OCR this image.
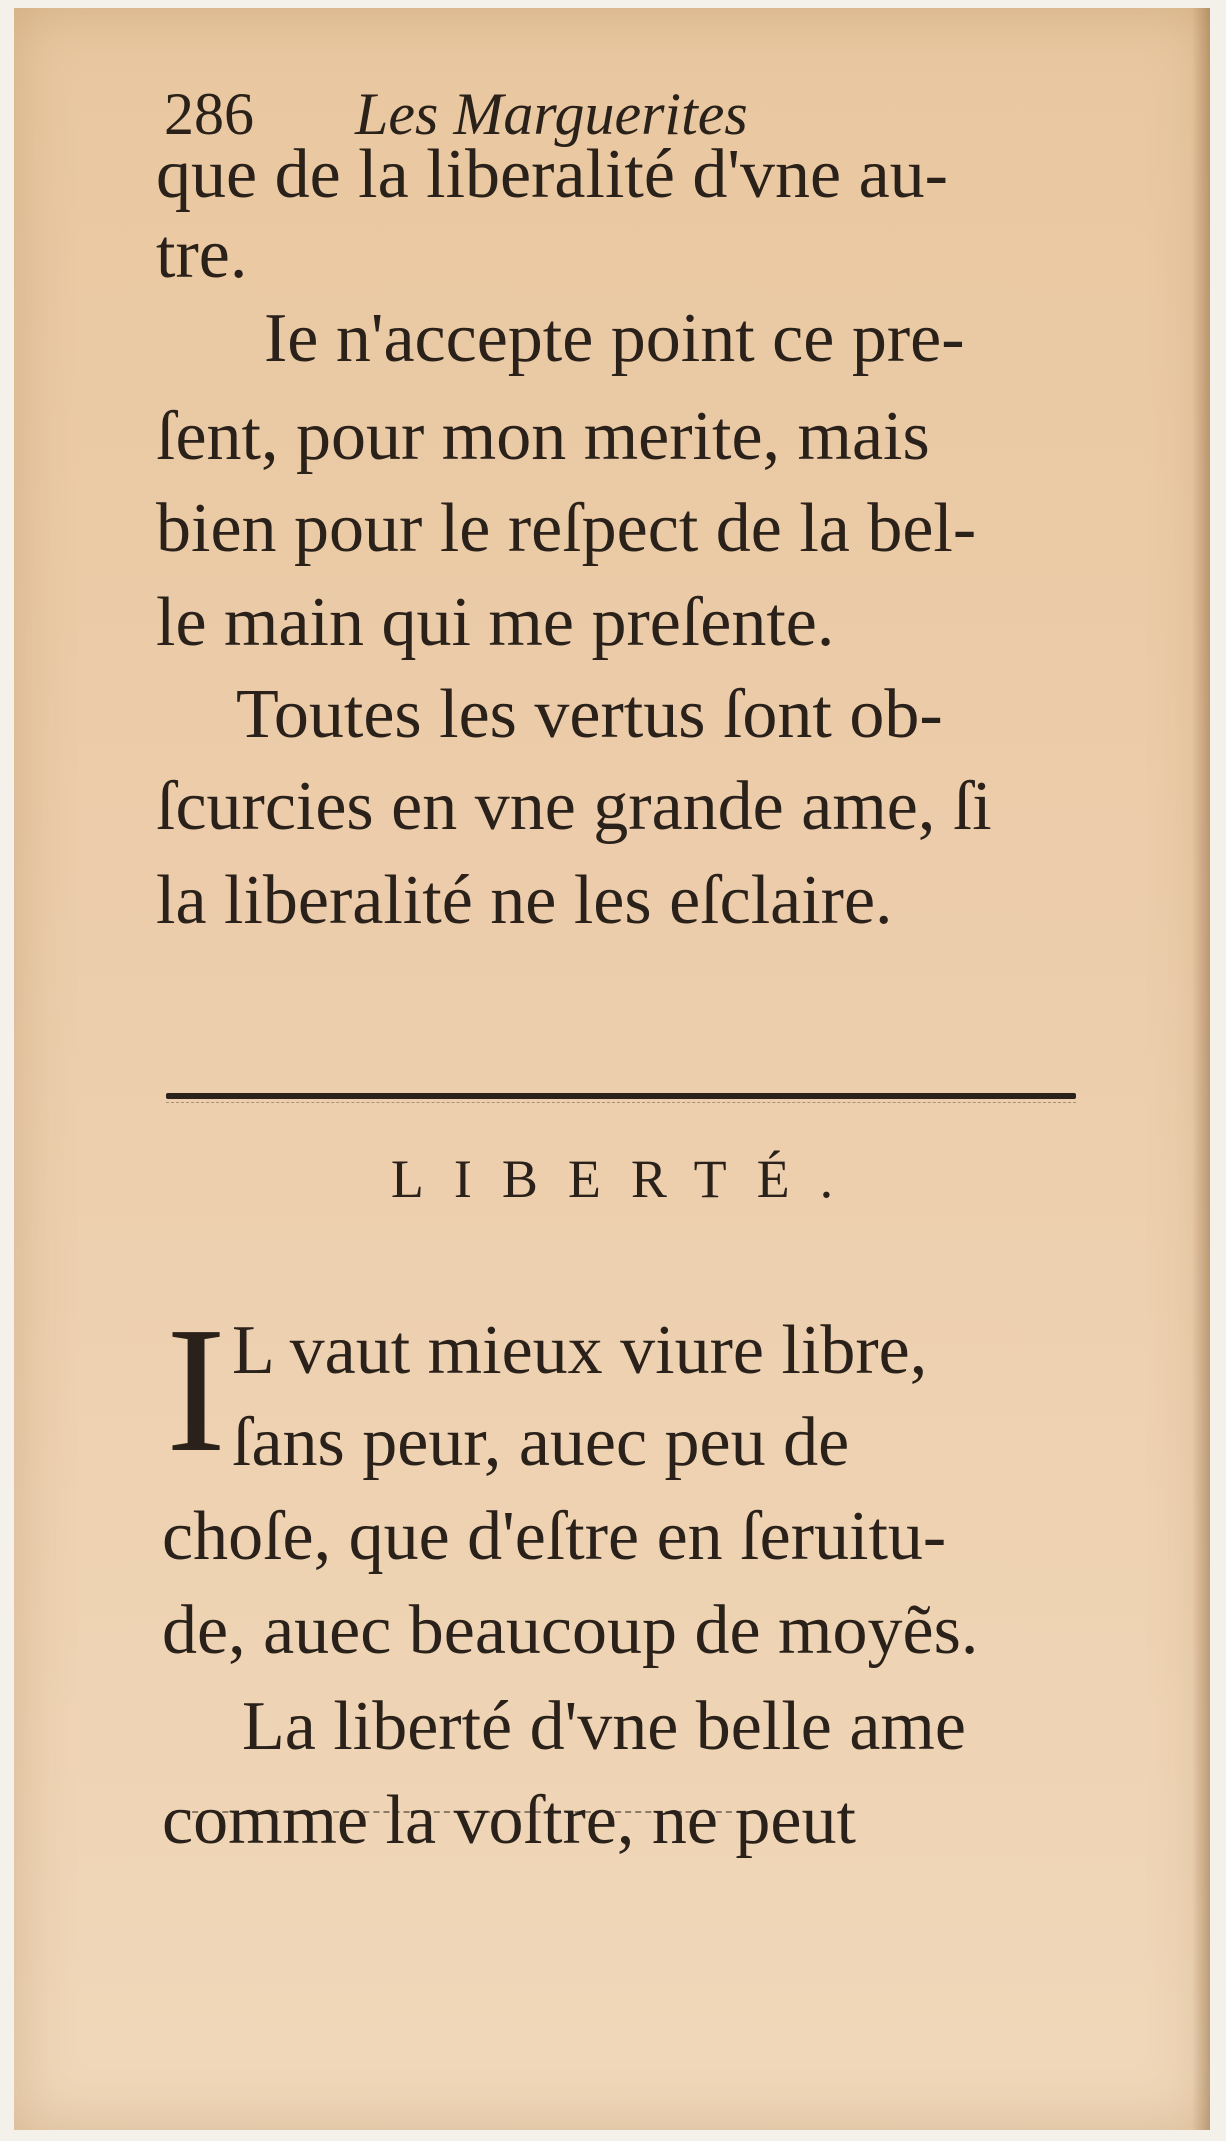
286 Les Marguerites
que de la liberalité d'vne au-
tre.
Ie n'accepte point ce pre-
ſent, pour mon merite, mais
bien pour le reſpect de la bel-
le main qui me preſente.
Toutes les vertus ſont ob-
ſcurcies en vne grande ame, ſi
la liberalité ne les eſclaire.
LIBERTÉ.
I L vaut mieux viure libre,
ſans peur, auec peu de
choſe, que d'eſtre en ſeruitu-
de, auec beaucoup de moyẽs.
La liberté d'vne belle ame
comme la voſtre, ne peut
